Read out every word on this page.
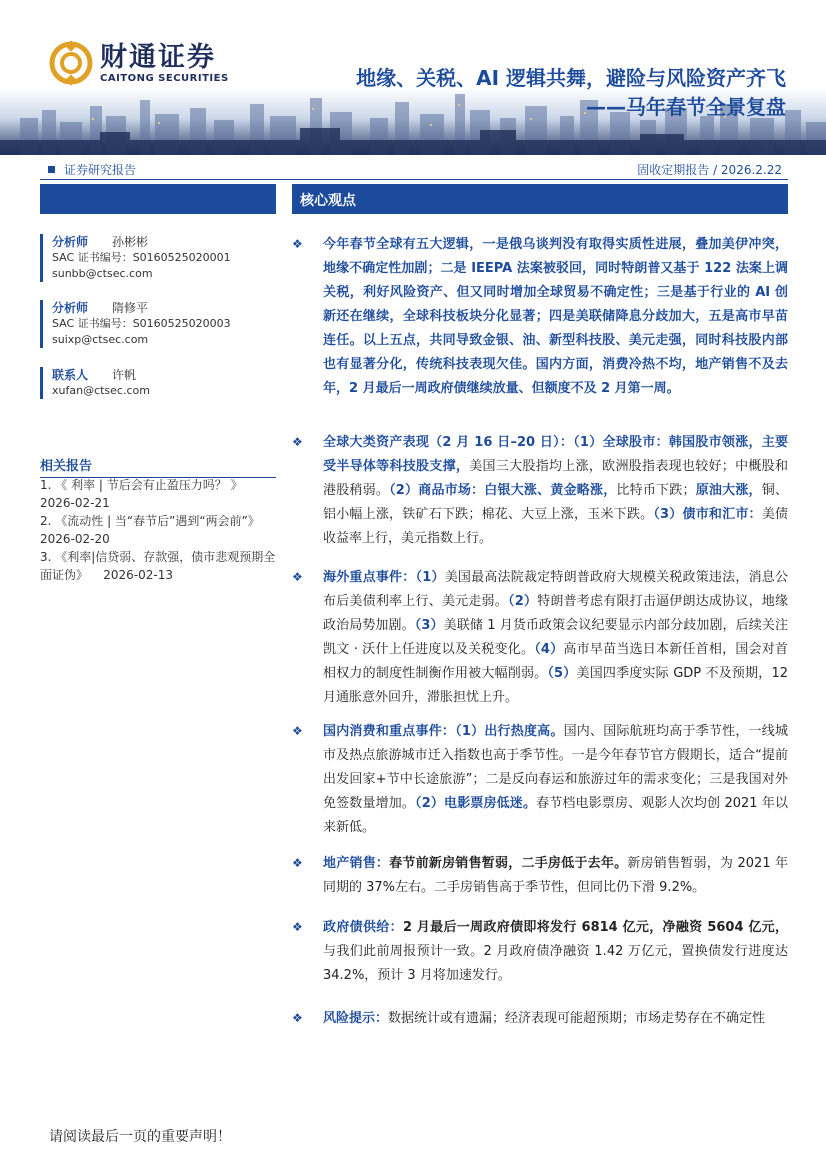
财通证券
CAITONG SECURITIES	地缘、关税、AI 逻辑共舞，避险与风险资产齐飞
——马年春节全景复盘
证券研究报告	固收定期报告 / 2026.2.22
分析师	孙彬彬
SAC 证书编号：S0160525020001
sunbb@ctsec.com
分析师	隋修平
SAC 证书编号：S0160525020003
suixp@ctsec.com
联系人	许帆
xufan@ctsec.com
相关报告
1. 《 利率 | 节后会有止盈压力吗？ 》
2026-02-21
2. 《流动性 | 当“春节后”遇到“两会前”》
2026-02-20
3. 《利率|信贷弱、存款强，债市悲观预期全面证伪》 2026-02-13
核心观点
❖ 今年春节全球有五大逻辑，一是俄乌谈判没有取得实质性进展，叠加美伊冲突，地缘不确定性加剧；二是 IEEPA 法案被驳回，同时特朗普又基于 122 法案上调关税，利好风险资产、但又同时增加全球贸易不确定性；三是基于行业的 AI 创新还在继续，全球科技板块分化显著；四是美联储降息分歧加大，五是高市早苗连任。以上五点，共同导致金银、油、新型科技股、美元走强，同时科技股内部也有显著分化，传统科技表现欠佳。国内方面，消费冷热不均，地产销售不及去年，2 月最后一周政府债继续放量、但额度不及 2 月第一周。
❖ 全球大类资产表现（2 月 16 日–20 日）：（1）全球股市：韩国股市领涨，主要受半导体等科技股支撑，美国三大股指均上涨，欧洲股指表现也较好；中概股和港股稍弱。（2）商品市场：白银大涨、黄金略涨，比特币下跌；原油大涨，铜、铝小幅上涨，铁矿石下跌；棉花、大豆上涨，玉米下跌。（3）债市和汇市：美债收益率上行，美元指数上行。
❖ 海外重点事件：（1）美国最高法院裁定特朗普政府大规模关税政策违法，消息公布后美债利率上行、美元走弱。（2）特朗普考虑有限打击逼伊朗达成协议，地缘政治局势加剧。（3）美联储 1 月货币政策会议纪要显示内部分歧加剧，后续关注凯文 · 沃什上任进度以及关税变化。（4）高市早苗当选日本新任首相，国会对首相权力的制度性制衡作用被大幅削弱。（5）美国四季度实际 GDP 不及预期，12 月通胀意外回升，滞胀担忧上升。
❖ 国内消费和重点事件：（1）出行热度高。国内、国际航班均高于季节性，一线城市及热点旅游城市迁入指数也高于季节性。一是今年春节官方假期长，适合“提前出发回家+节中长途旅游”；二是反向春运和旅游过年的需求变化；三是我国对外免签数量增加。（2）电影票房低迷。春节档电影票房、观影人次均创 2021 年以来新低。
❖ 地产销售：春节前新房销售暂弱，二手房低于去年。新房销售暂弱，为 2021 年同期的 37%左右。二手房销售高于季节性，但同比仍下滑 9.2%。
❖ 政府债供给：2 月最后一周政府债即将发行 6814 亿元，净融资 5604 亿元，与我们此前周报预计一致。2 月政府债净融资 1.42 万亿元，置换债发行进度达 34.2%，预计 3 月将加速发行。
❖ 风险提示：数据统计或有遗漏；经济表现可能超预期；市场走势存在不确定性
请阅读最后一页的重要声明！
